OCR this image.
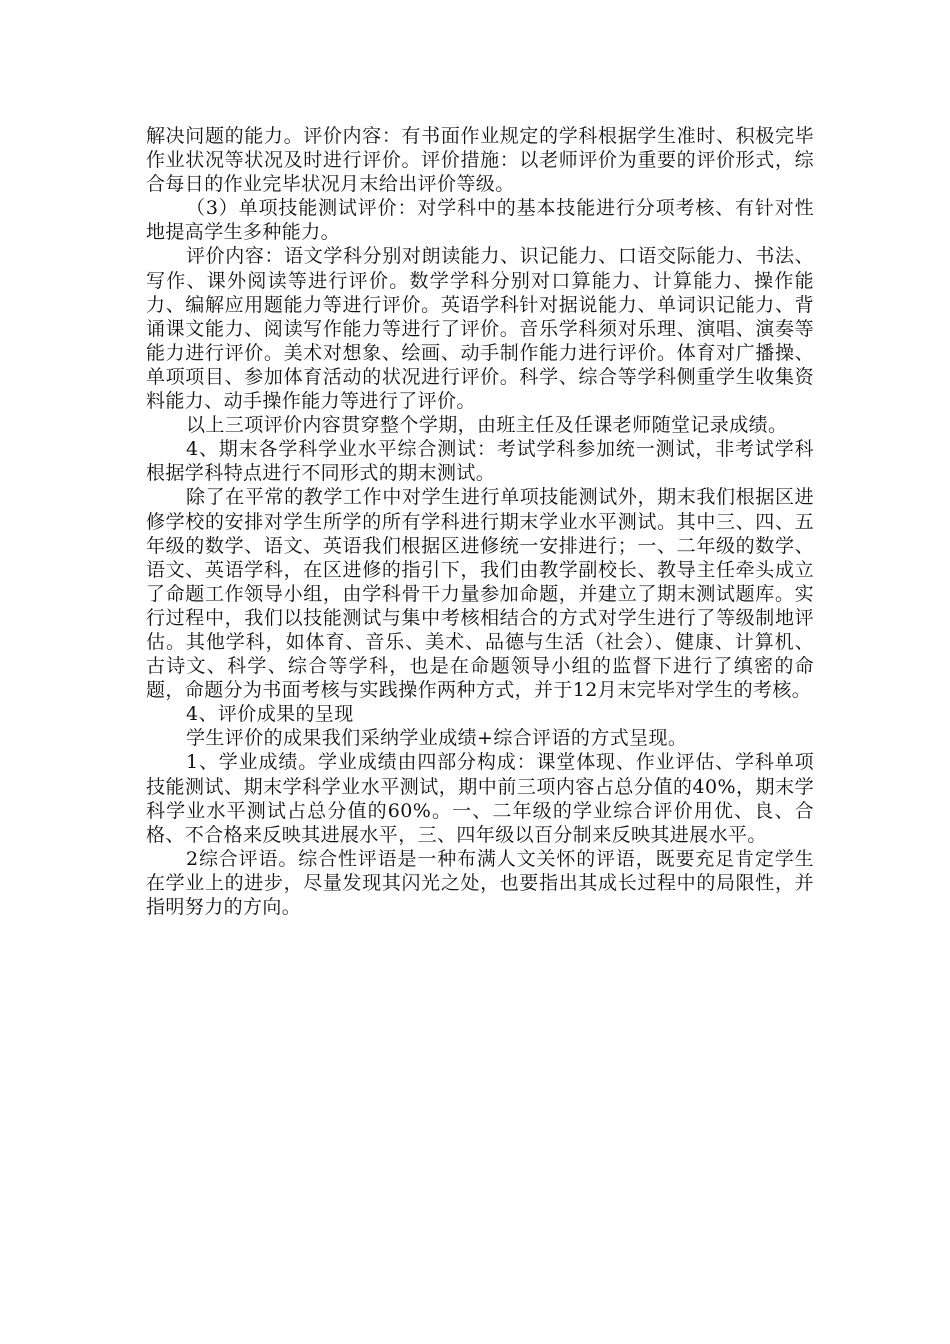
解决问题的能力。评价内容：有书面作业规定的学科根据学生准时、积极完毕作业状况等状况及时进行评价。评价措施：以老师评价为重要的评价形式，综合每日的作业完毕状况月末给出评价等级。

（3）单项技能测试评价：对学科中的基本技能进行分项考核、有针对性地提高学生多种能力。

评价内容：语文学科分别对朗读能力、识记能力、口语交际能力、书法、写作、课外阅读等进行评价。数学学科分别对口算能力、计算能力、操作能力、编解应用题能力等进行评价。英语学科针对据说能力、单词识记能力、背诵课文能力、阅读写作能力等进行了评价。音乐学科须对乐理、演唱、演奏等能力进行评价。美术对想象、绘画、动手制作能力进行评价。体育对广播操、单项项目、参加体育活动的状况进行评价。科学、综合等学科侧重学生收集资料能力、动手操作能力等进行了评价。

以上三项评价内容贯穿整个学期，由班主任及任课老师随堂记录成绩。

4、期末各学科学业水平综合测试：考试学科参加统一测试，非考试学科根据学科特点进行不同形式的期末测试。

除了在平常的教学工作中对学生进行单项技能测试外，期末我们根据区进修学校的安排对学生所学的所有学科进行期末学业水平测试。其中三、四、五年级的数学、语文、英语我们根据区进修统一安排进行；一、二年级的数学、语文、英语学科，在区进修的指引下，我们由教学副校长、教导主任牵头成立了命题工作领导小组，由学科骨干力量参加命题，并建立了期末测试题库。实行过程中，我们以技能测试与集中考核相结合的方式对学生进行了等级制地评估。其他学科，如体育、音乐、美术、品德与生活（社会）、健康、计算机、古诗文、科学、综合等学科，也是在命题领导小组的监督下进行了缜密的命题，命题分为书面考核与实践操作两种方式，并于12月末完毕对学生的考核。

4、评价成果的呈现

学生评价的成果我们采纳学业成绩+综合评语的方式呈现。

1、学业成绩。学业成绩由四部分构成：课堂体现、作业评估、学科单项技能测试、期末学科学业水平测试，期中前三项内容占总分值的40%，期末学科学业水平测试占总分值的60%。一、二年级的学业综合评价用优、良、合格、不合格来反映其进展水平，三、四年级以百分制来反映其进展水平。

2综合评语。综合性评语是一种布满人文关怀的评语，既要充足肯定学生在学业上的进步，尽量发现其闪光之处，也要指出其成长过程中的局限性，并指明努力的方向。
